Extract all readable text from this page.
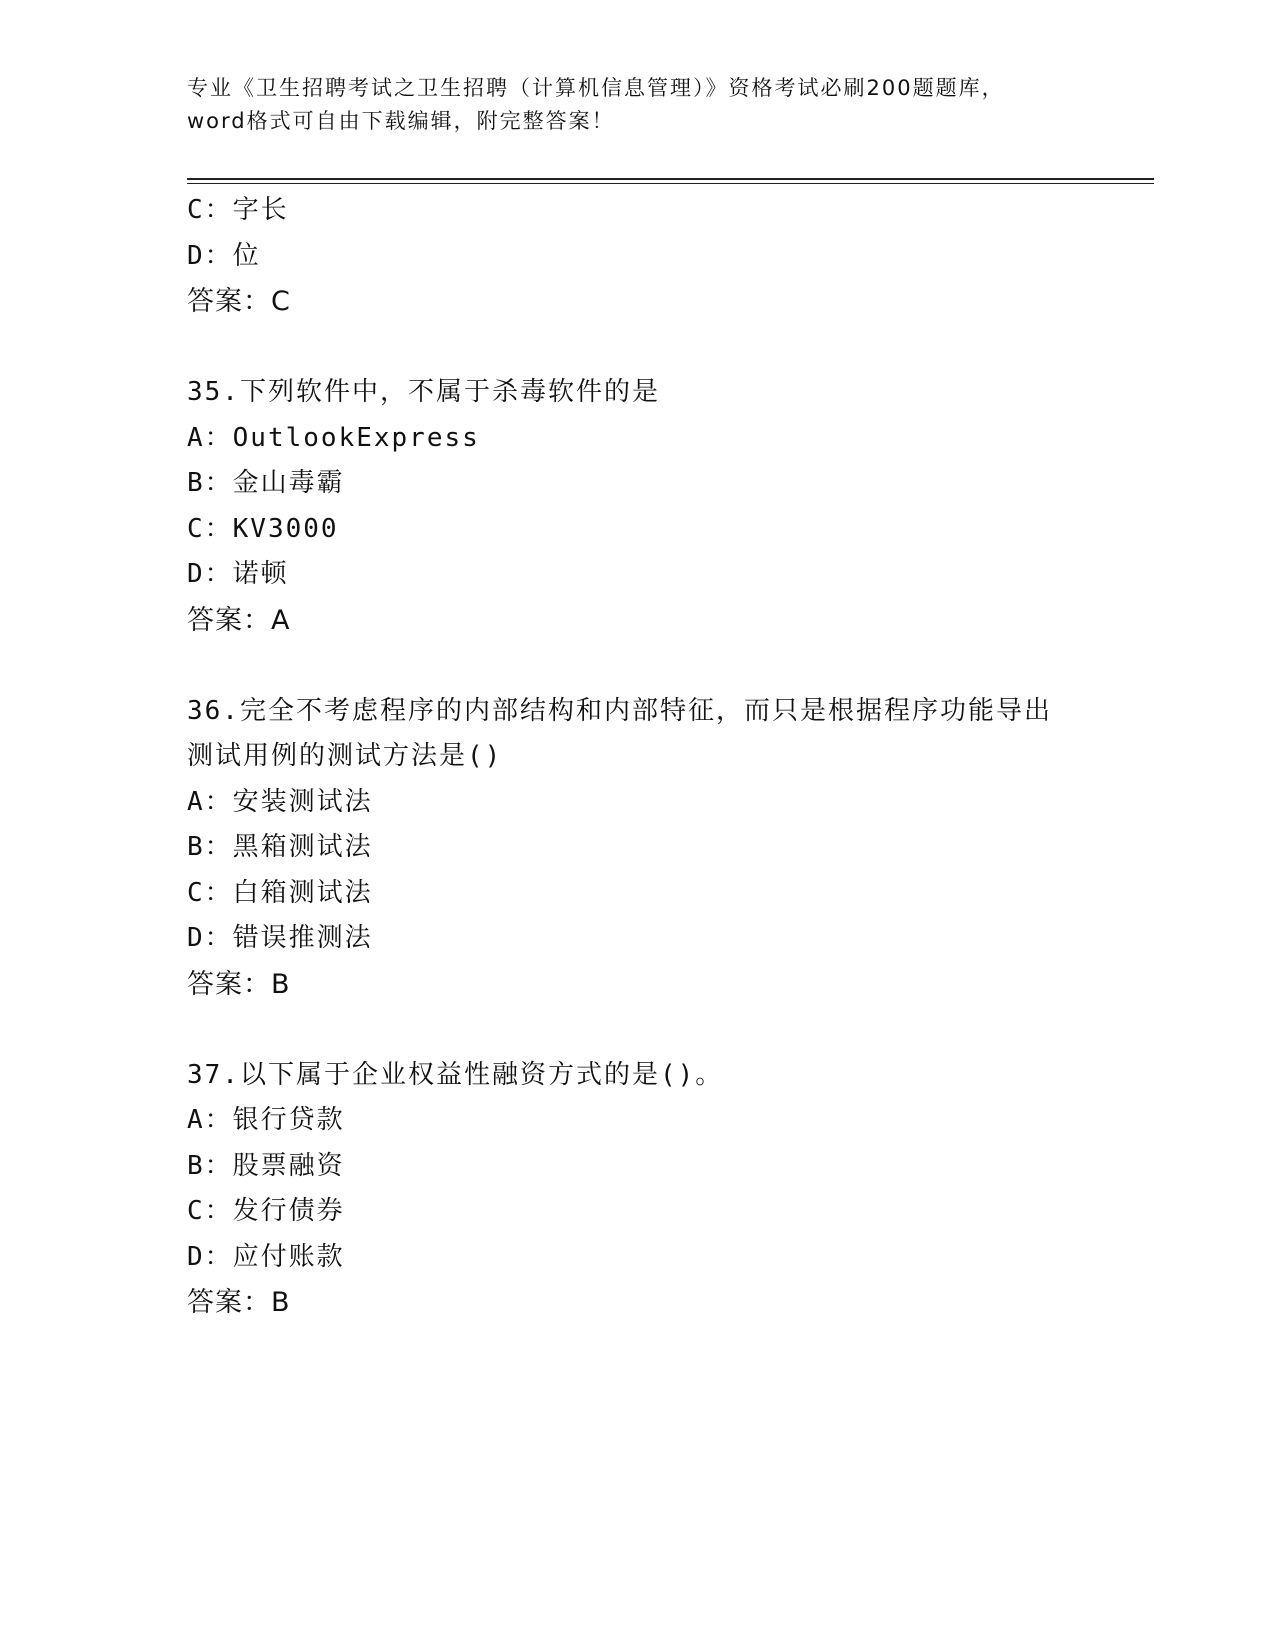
专业《卫生招聘考试之卫生招聘（计算机信息管理）》资格考试必刷200题题库，
word格式可自由下载编辑，附完整答案！
C：字长
D：位
答案：C
35.下列软件中，不属于杀毒软件的是
A：OutlookExpress
B：金山毒霸
C：KV3000
D：诺顿
答案：A
36.完全不考虑程序的内部结构和内部特征，而只是根据程序功能导出
测试用例的测试方法是()
A：安装测试法
B：黑箱测试法
C：白箱测试法
D：错误推测法
答案：B
37.以下属于企业权益性融资方式的是()。
A：银行贷款
B：股票融资
C：发行债券
D：应付账款
答案：B
